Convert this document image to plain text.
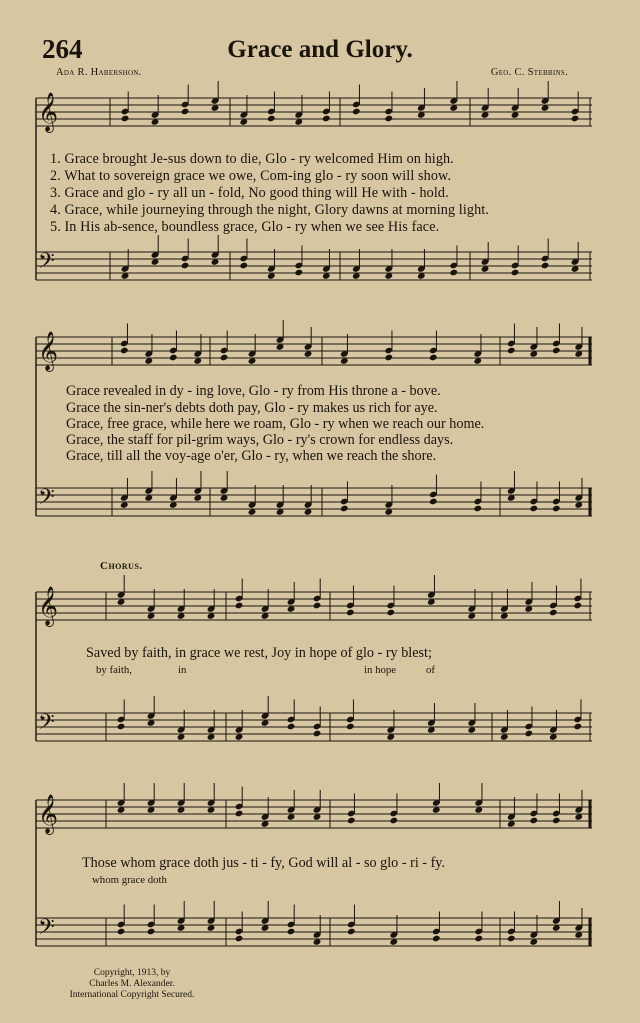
264	Grace and Glory.
Ada R. Habershon.	Geo. C. Stebbins.
𝄞
𝄢
𝄞
𝄢
𝄞
𝄢
𝄞
𝄢
1. Grace brought Je-sus down to die, Glo - ry welcomed Him on high.
2. What to sovereign grace we owe, Com-ing glo - ry soon will show.
3. Grace and glo - ry all un - fold, No good thing will He with - hold.
4. Grace, while journeying through the night, Glory dawns at morning light.
5. In His ab-sence, boundless grace, Glo - ry when we see His face.
Grace revealed in dy - ing love, Glo - ry from His throne a - bove.
Grace the sin-ner's debts doth pay, Glo - ry makes us rich for aye.
Grace, free grace, while here we roam, Glo - ry when we reach our home.
Grace, the staff for pil-grim ways, Glo - ry's crown for endless days.
Grace, till all the voy-age o'er, Glo - ry, when we reach the shore.
Chorus.
Saved by faith, in grace we rest, Joy in hope of glo - ry blest;
by faith,	in	in hope	of
Those whom grace doth jus - ti - fy, God will al - so glo - ri - fy.
whom grace doth
Copyright, 1913, by
Charles M. Alexander.
International Copyright Secured.
